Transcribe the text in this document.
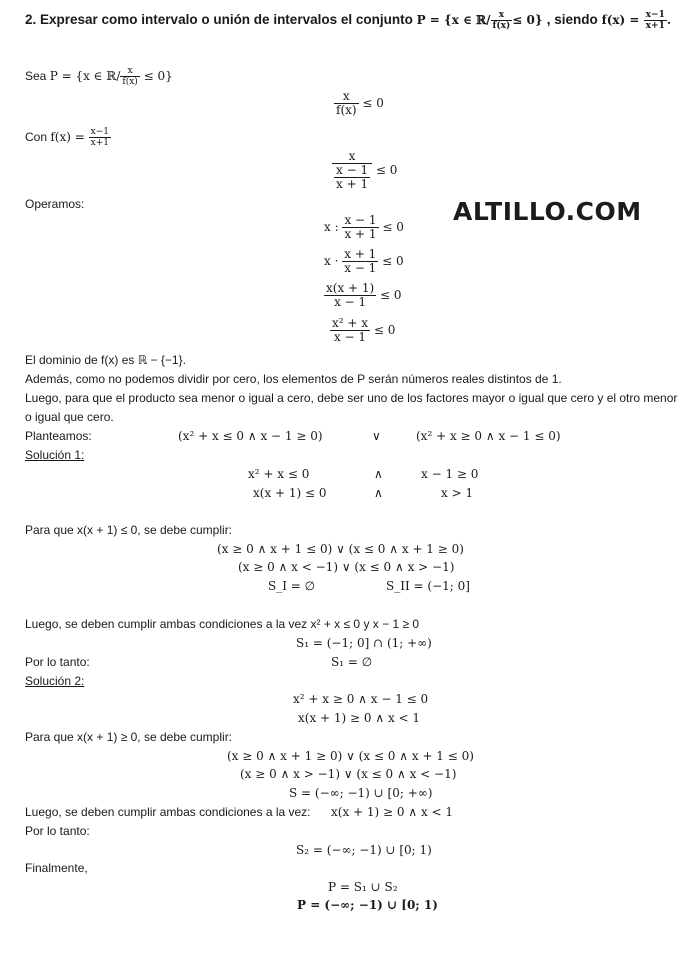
2. Expresar como intervalo o unión de intervalos el conjunto P = {x ∈ ℝ/ $\frac{x}{f(x)} \le 0$} , siendo $f(x) = \frac{x-1}{x+1}$ .
ALTILLO.COM
Sea P = {x ∈ ℝ/ $\frac{x}{f(x)} \le 0$}
$\frac{x}{f(x)} \le 0$
Con $f(x) = \frac{x-1}{x+1}$
$\frac{x}{\frac{x - 1}{x + 1}} \le 0$
Operamos:
x : $\frac{x - 1}{x + 1} \le 0$
$x \cdot \frac{x + 1}{x - 1} \le 0$
$\frac{x(x + 1)}{x - 1} \le 0$
$\frac{\text{x² + x}}{x - 1} \le 0$
El dominio de f(x) es ℝ − {−1}.
Además, como no podemos dividir por cero, los elementos de P serán números reales distintos de 1.
Luego, para que el producto sea menor o igual a cero, debe ser uno de los factores mayor o igual que cero y el otro menor
o igual que cero.
Planteamos:	(x² + x ≤ 0 ∧ x − 1 ≥ 0)	∨	(x² + x ≥ 0 ∧ x − 1 ≤ 0)
Solución 1:
x² + x ≤ 0	∧	x − 1 ≥ 0
x(x + 1) ≤ 0	∧	x > 1
Para que x(x + 1) ≤ 0, se debe cumplir:
(x ≥ 0 ∧ x + 1 ≤ 0) ∨ (x ≤ 0 ∧ x + 1 ≥ 0)
(x ≥ 0 ∧ x < −1) ∨ (x ≤ 0 ∧ x > −1)
S_I = ∅	S_II = (−1; 0]
Luego, se deben cumplir ambas condiciones a la vez x² + x ≤ 0 y x − 1 ≥ 0
S₁ = (−1; 0] ∩ (1; +∞)
Por lo tanto:	S₁ = ∅
Solución 2:
x² + x ≥ 0 ∧ x − 1 ≤ 0
x(x + 1) ≥ 0 ∧ x < 1
Para que x(x + 1) ≥ 0, se debe cumplir:
(x ≥ 0 ∧ x + 1 ≥ 0) ∨ (x ≤ 0 ∧ x + 1 ≤ 0)
(x ≥ 0 ∧ x > −1) ∨ (x ≤ 0 ∧ x < −1)
S = (−∞; −1) ∪ [0; +∞)
Luego, se deben cumplir ambas condiciones a la vez: x(x + 1) ≥ 0 ∧ x < 1
Por lo tanto:
S₂ = (−∞; −1) ∪ [0; 1)
Finalmente,
P = S₁ ∪ S₂
P = (−∞; −1) ∪ [0; 1)
